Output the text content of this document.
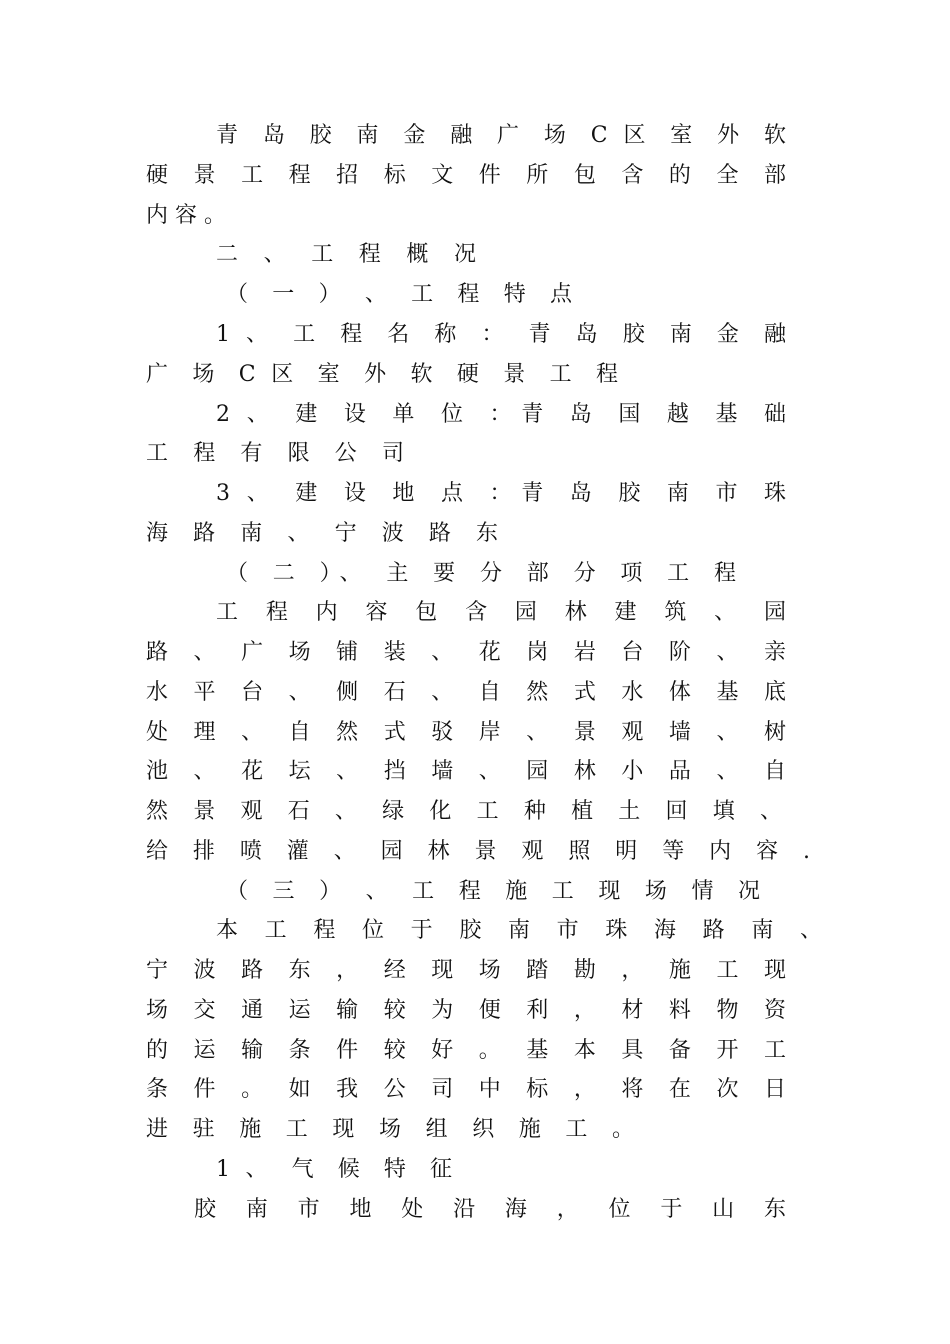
青 岛 胶 南 金 融 广 场 C 区 室 外 软
硬 景 工 程 招 标 文 件 所 包 含 的 全 部
内 容 。
二 、 工 程 概 况
（ 一 ） 、 工 程 特 点
1 、 工 程 名 称 ： 青 岛 胶 南 金 融
广 场 C 区 室 外 软 硬 景 工 程
2 、 建 设 单 位 ：青 岛 国 越 基 础
工 程 有 限 公 司
3 、 建 设 地 点 ：青 岛 胶 南 市 珠
海 路 南 、 宁 波 路 东
（ 二 ）、 主 要 分 部 分 项 工 程
工 程 内 容 包 含 园 林 建 筑 、 园
路 、 广 场 铺 装 、 花 岗 岩 台 阶 、 亲
水 平 台 、 侧 石 、 自 然 式 水 体 基 底
处 理 、 自 然 式 驳 岸 、 景 观 墙 、 树
池 、 花 坛 、 挡 墙 、 园 林 小 品 、 自
然 景 观 石 、 绿 化 工 种 植 土 回 填 、
给 排 喷 灌 、 园 林 景 观 照 明 等 内 容 .
（ 三 ） 、 工 程 施 工 现 场 情 况
本 工 程 位 于 胶 南 市 珠 海 路 南 、
宁 波 路 东 ， 经 现 场 踏 勘 ， 施 工 现
场 交 通 运 输 较 为 便 利 ， 材 料 物 资
的 运 输 条 件 较 好 。 基 本 具 备 开 工
条 件 。 如 我 公 司 中 标 ， 将 在 次 日
进 驻 施 工 现 场 组 织 施 工 。
1 、 气 候 特 征
胶 南 市 地 处 沿 海 ， 位 于 山 东
